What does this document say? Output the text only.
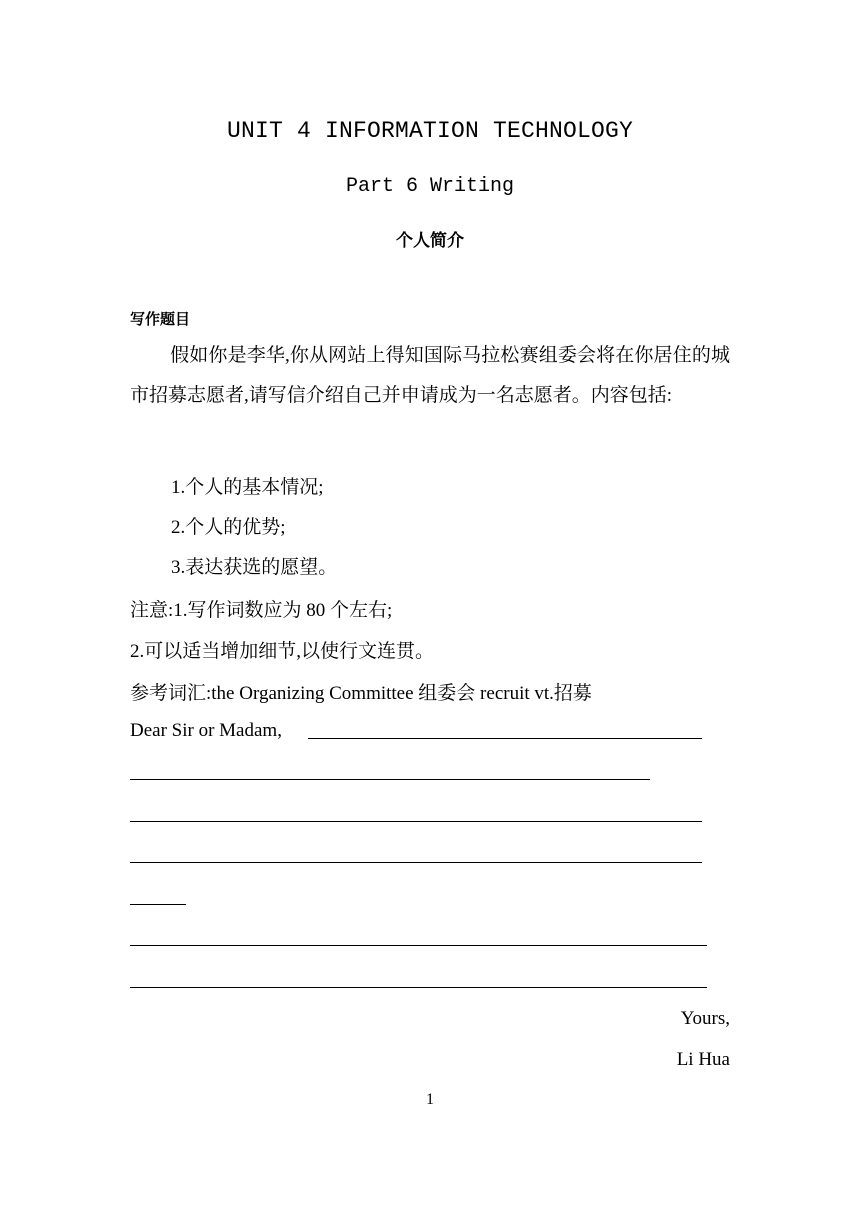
UNIT 4 INFORMATION TECHNOLOGY
Part 6 Writing
个人简介
写作题目
假如你是李华,你从网站上得知国际马拉松赛组委会将在你居住的城市招募志愿者,请写信介绍自己并申请成为一名志愿者。内容包括:
1.个人的基本情况;
2.个人的优势;
3.表达获选的愿望。
注意:1.写作词数应为 80 个左右;
2.可以适当增加细节,以使行文连贯。
参考词汇:the Organizing Committee 组委会 recruit vt.招募
Dear Sir or Madam,
Yours,
Li Hua
1
